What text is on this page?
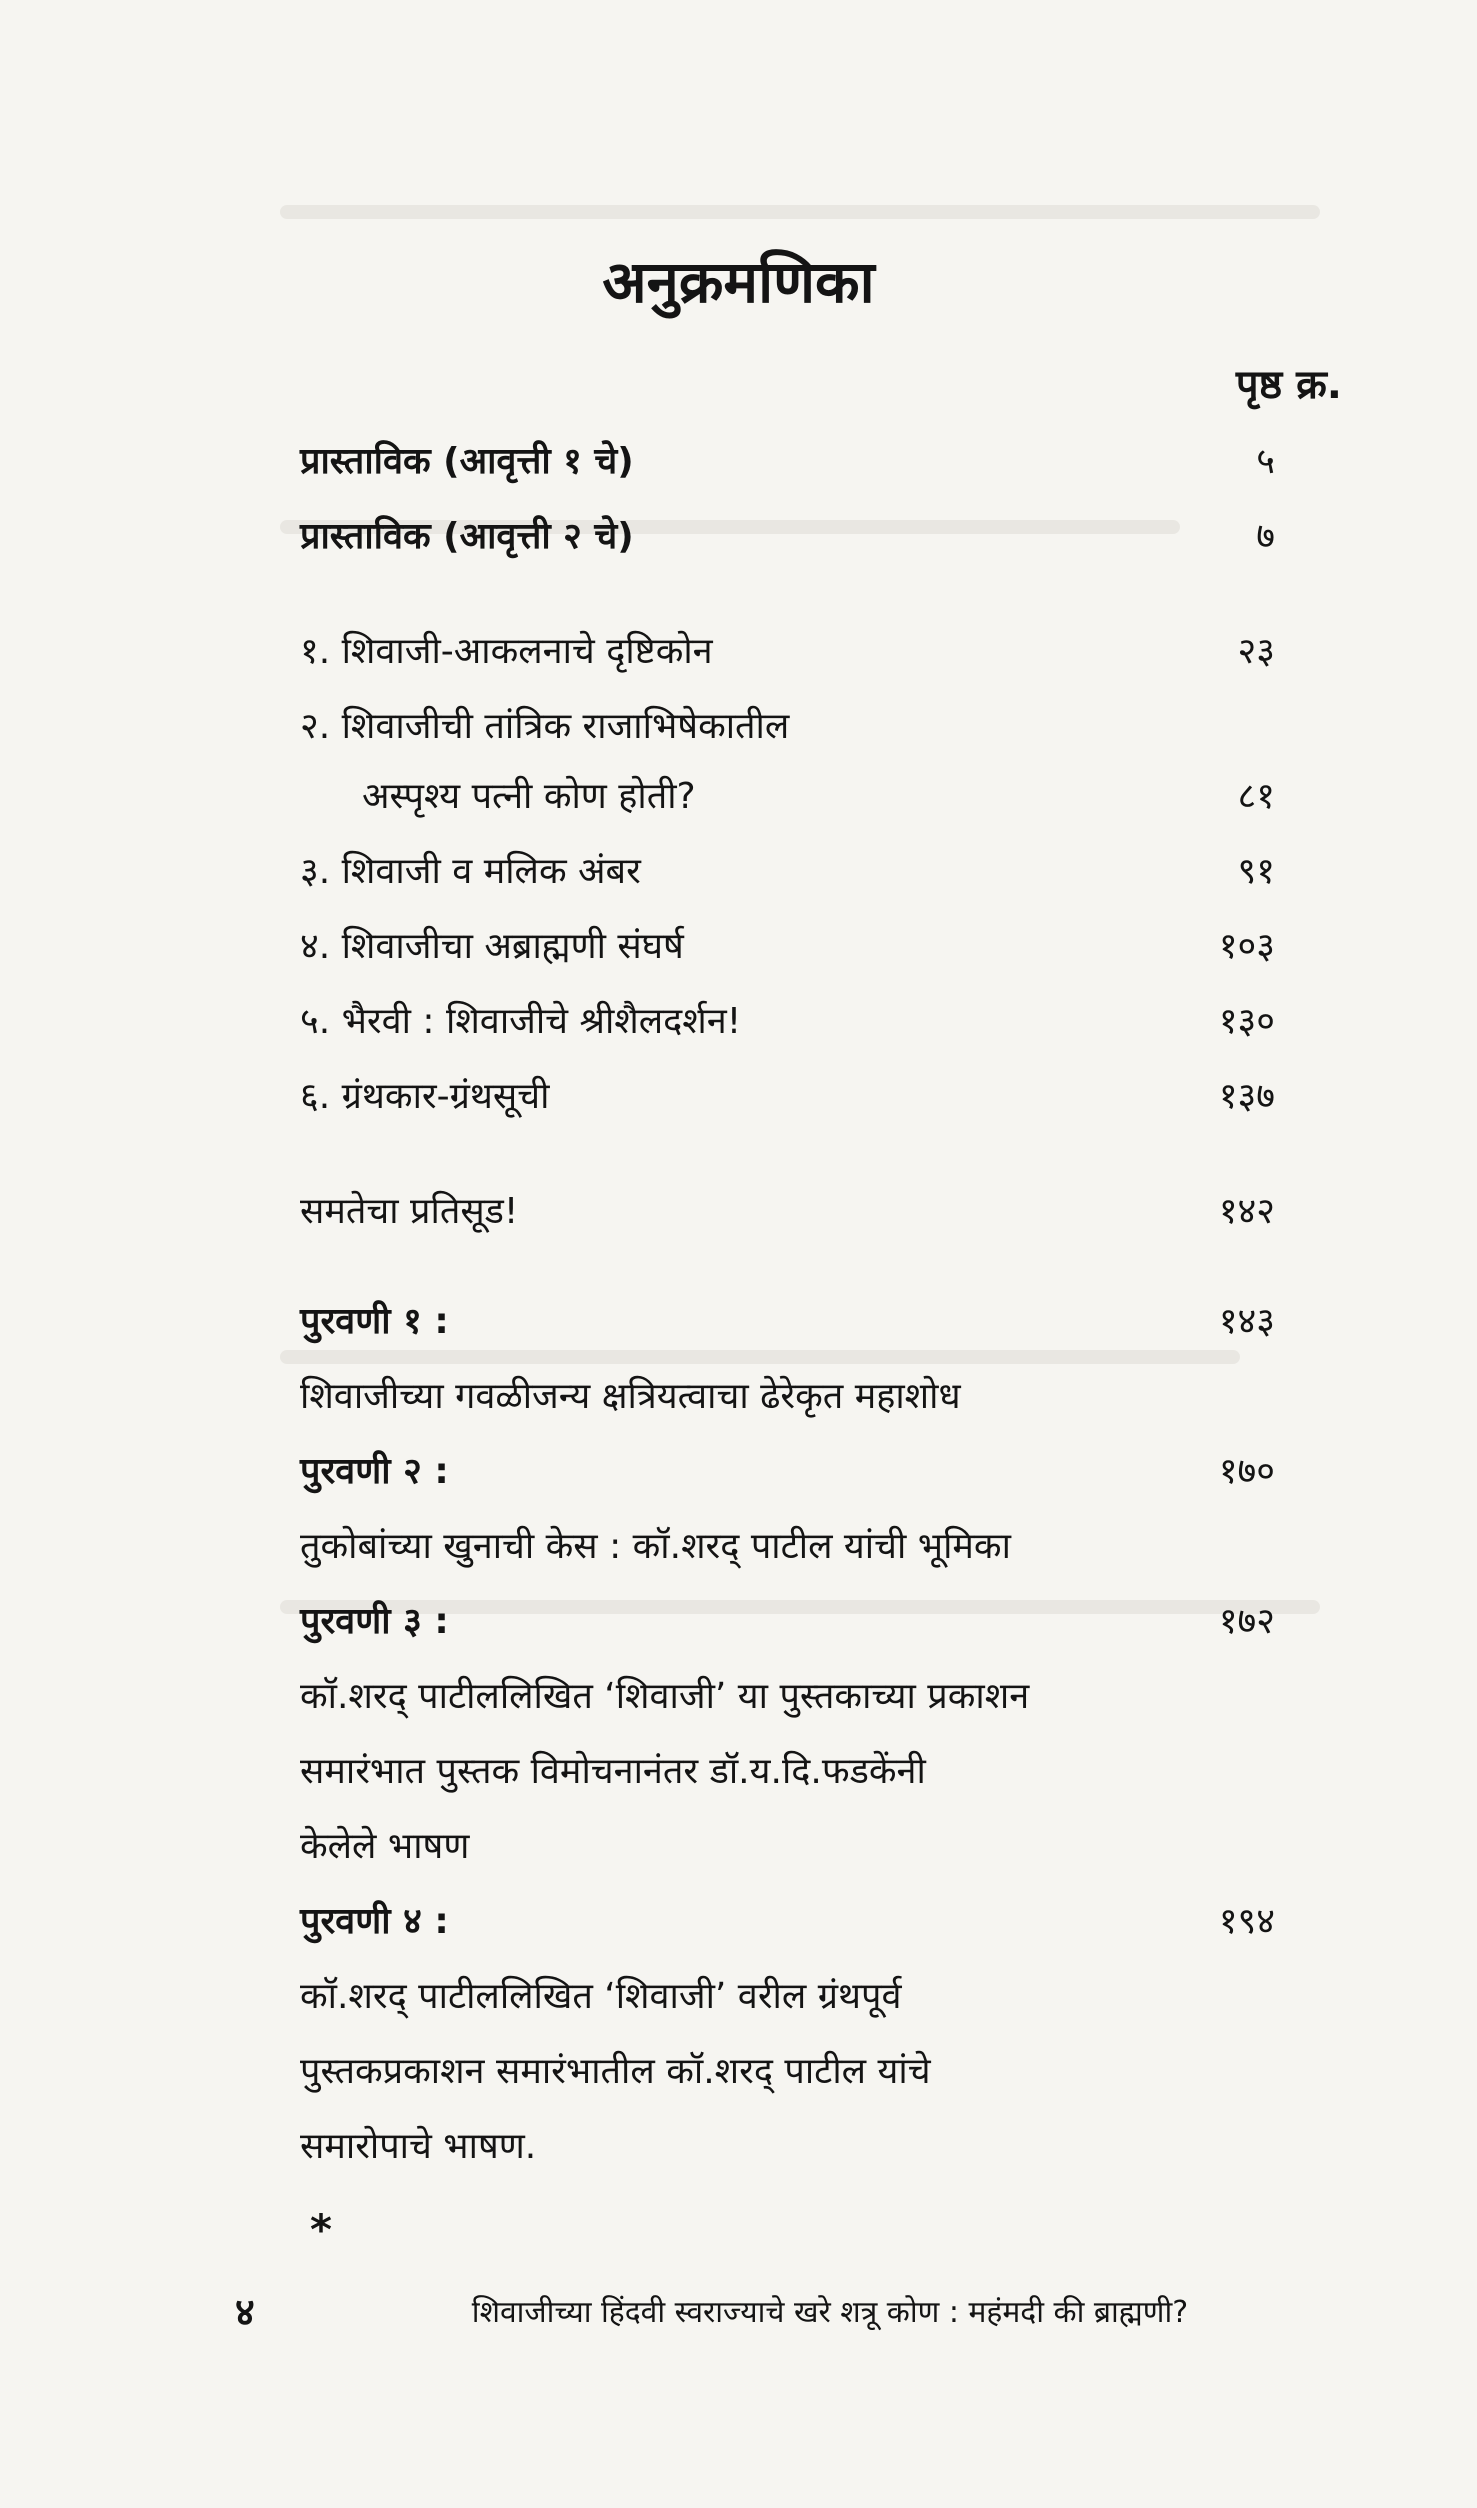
अनुक्रमणिका
पृष्ठ क्र.
प्रास्ताविक (आवृत्ती १ चे)	५
प्रास्ताविक (आवृत्ती २ चे)	७
१. शिवाजी-आकलनाचे दृष्टिकोन	२३
२. शिवाजीची तांत्रिक राजाभिषेकातील
अस्पृश्य पत्नी कोण होती?	८१
३. शिवाजी व मलिक अंबर	९१
४. शिवाजीचा अब्राह्मणी संघर्ष	१०३
५. भैरवी : शिवाजीचे श्रीशैलदर्शन!	१३०
६. ग्रंथकार-ग्रंथसूची	१३७
समतेचा प्रतिसूड!	१४२
पुरवणी १ :	१४३
शिवाजीच्या गवळीजन्य क्षत्रियत्वाचा ढेरेकृत महाशोध
पुरवणी २ :	१७०
तुकोबांच्या खुनाची केस : कॉ.शरद् पाटील यांची भूमिका
पुरवणी ३ :	१७२
कॉ.शरद् पाटीललिखित ‘शिवाजी’ या पुस्तकाच्या प्रकाशन
समारंभात पुस्तक विमोचनानंतर डॉ.य.दि.फडकेंनी
केलेले भाषण
पुरवणी ४ :	१९४
कॉ.शरद् पाटीललिखित ‘शिवाजी’ वरील ग्रंथपूर्व
पुस्तकप्रकाशन समारंभातील कॉ.शरद् पाटील यांचे
समारोपाचे भाषण.
*
४	शिवाजीच्या हिंदवी स्वराज्याचे खरे शत्रू कोण : महंमदी की ब्राह्मणी?
